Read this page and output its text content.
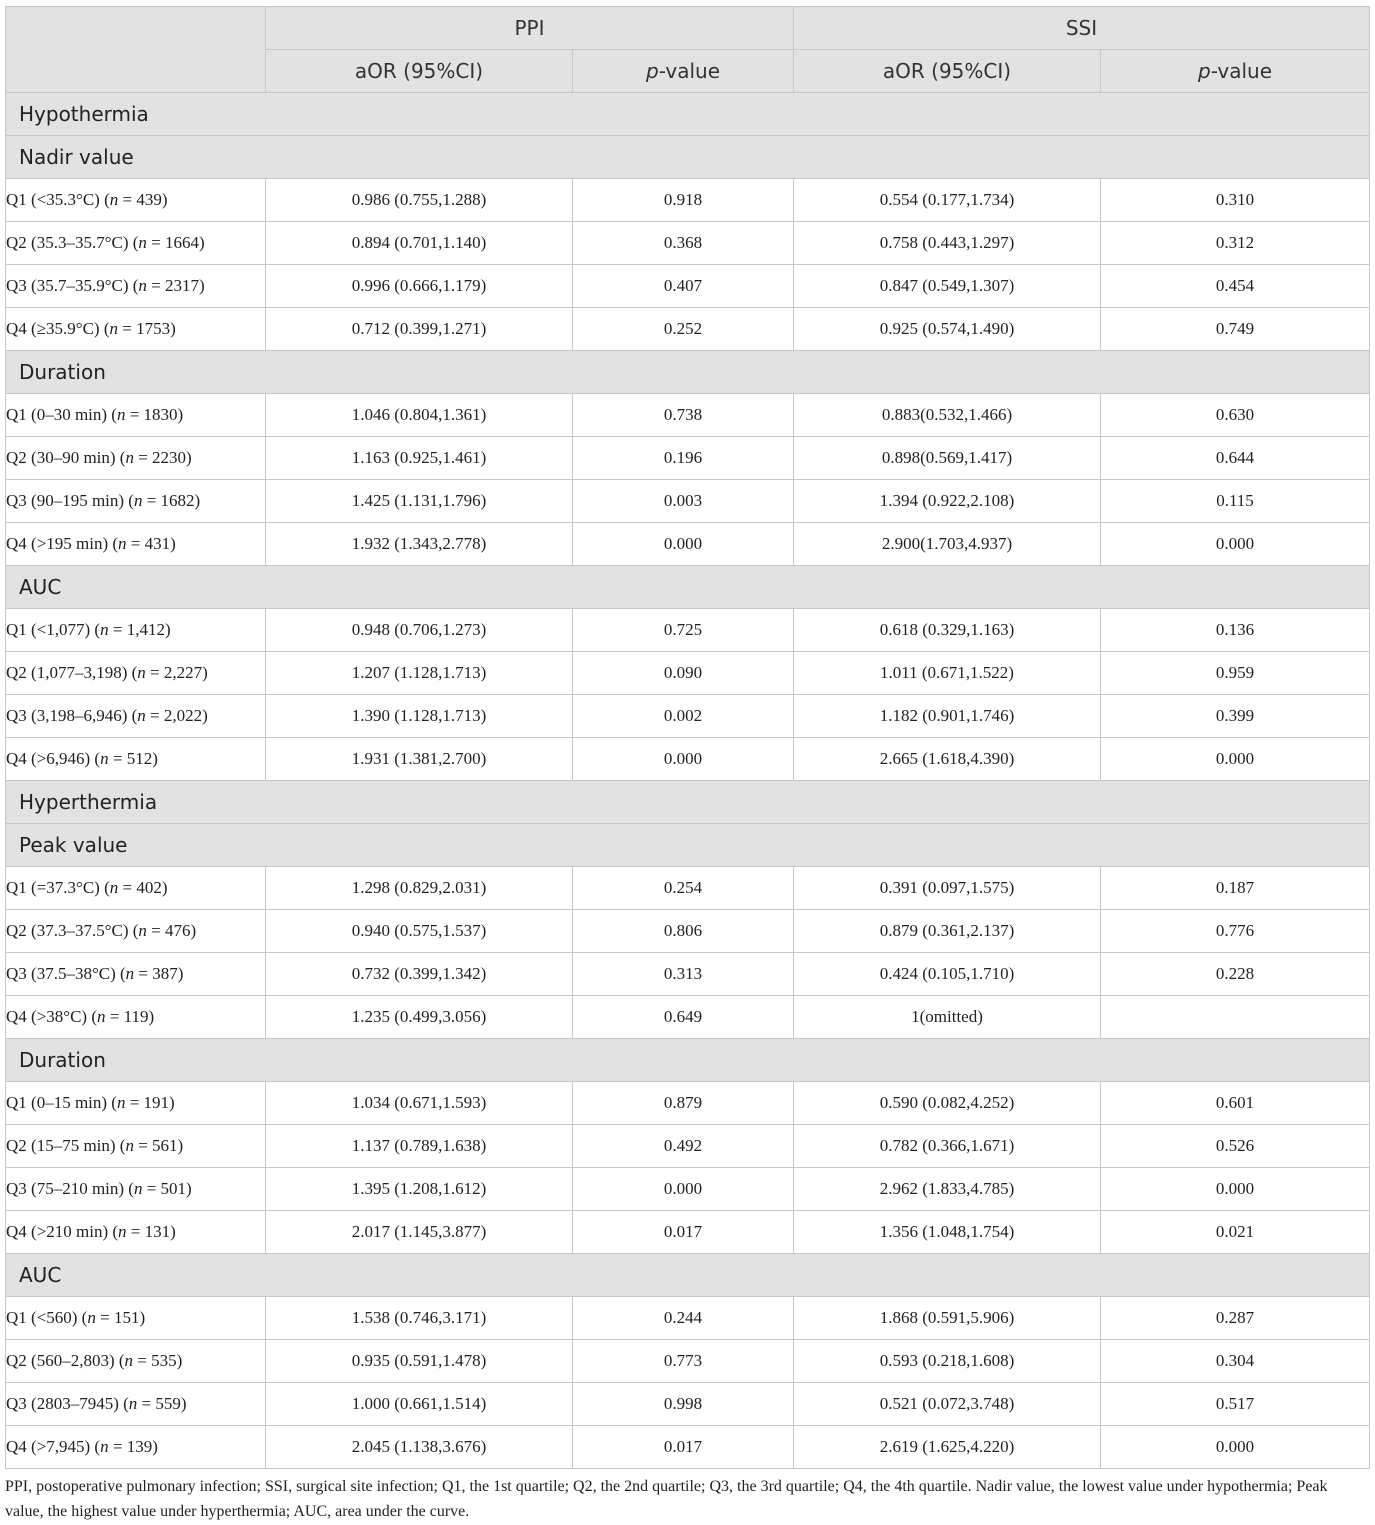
	PPI		SSI	
	aOR (95%CI)	p-value	aOR (95%CI)	p-value
Hypothermia				
Nadir value				
Q1 (<35.3°C) (n = 439)	0.986 (0.755,1.288)	0.918	0.554 (0.177,1.734)	0.310
Q2 (35.3–35.7°C) (n = 1664)	0.894 (0.701,1.140)	0.368	0.758 (0.443,1.297)	0.312
Q3 (35.7–35.9°C) (n = 2317)	0.996 (0.666,1.179)	0.407	0.847 (0.549,1.307)	0.454
Q4 (≥35.9°C) (n = 1753)	0.712 (0.399,1.271)	0.252	0.925 (0.574,1.490)	0.749
Duration				
Q1 (0–30 min) (n = 1830)	1.046 (0.804,1.361)	0.738	0.883(0.532,1.466)	0.630
Q2 (30–90 min) (n = 2230)	1.163 (0.925,1.461)	0.196	0.898(0.569,1.417)	0.644
Q3 (90–195 min) (n = 1682)	1.425 (1.131,1.796)	0.003	1.394 (0.922,2.108)	0.115
Q4 (>195 min) (n = 431)	1.932 (1.343,2.778)	0.000	2.900(1.703,4.937)	0.000
AUC				
Q1 (<1,077) (n = 1,412)	0.948 (0.706,1.273)	0.725	0.618 (0.329,1.163)	0.136
Q2 (1,077–3,198) (n = 2,227)	1.207 (1.128,1.713)	0.090	1.011 (0.671,1.522)	0.959
Q3 (3,198–6,946) (n = 2,022)	1.390 (1.128,1.713)	0.002	1.182 (0.901,1.746)	0.399
Q4 (>6,946) (n = 512)	1.931 (1.381,2.700)	0.000	2.665 (1.618,4.390)	0.000
Hyperthermia				
Peak value				
Q1 (=37.3°C) (n = 402)	1.298 (0.829,2.031)	0.254	0.391 (0.097,1.575)	0.187
Q2 (37.3–37.5°C) (n = 476)	0.940 (0.575,1.537)	0.806	0.879 (0.361,2.137)	0.776
Q3 (37.5–38°C) (n = 387)	0.732 (0.399,1.342)	0.313	0.424 (0.105,1.710)	0.228
Q4 (>38°C) (n = 119)	1.235 (0.499,3.056)	0.649	1(omitted)	
Duration				
Q1 (0–15 min) (n = 191)	1.034 (0.671,1.593)	0.879	0.590 (0.082,4.252)	0.601
Q2 (15–75 min) (n = 561)	1.137 (0.789,1.638)	0.492	0.782 (0.366,1.671)	0.526
Q3 (75–210 min) (n = 501)	1.395 (1.208,1.612)	0.000	2.962 (1.833,4.785)	0.000
Q4 (>210 min) (n = 131)	2.017 (1.145,3.877)	0.017	1.356 (1.048,1.754)	0.021
AUC				
Q1 (<560) (n = 151)	1.538 (0.746,3.171)	0.244	1.868 (0.591,5.906)	0.287
Q2 (560–2,803) (n = 535)	0.935 (0.591,1.478)	0.773	0.593 (0.218,1.608)	0.304
Q3 (2803–7945) (n = 559)	1.000 (0.661,1.514)	0.998	0.521 (0.072,3.748)	0.517
Q4 (>7,945) (n = 139)	2.045 (1.138,3.676)	0.017	2.619 (1.625,4.220)	0.000

PPI, postoperative pulmonary infection; SSI, surgical site infection; Q1, the 1st quartile; Q2, the 2nd quartile; Q3, the 3rd quartile; Q4, the 4th quartile. Nadir value, the lowest value under hypothermia; Peak value, the highest value under hyperthermia; AUC, area under the curve.
